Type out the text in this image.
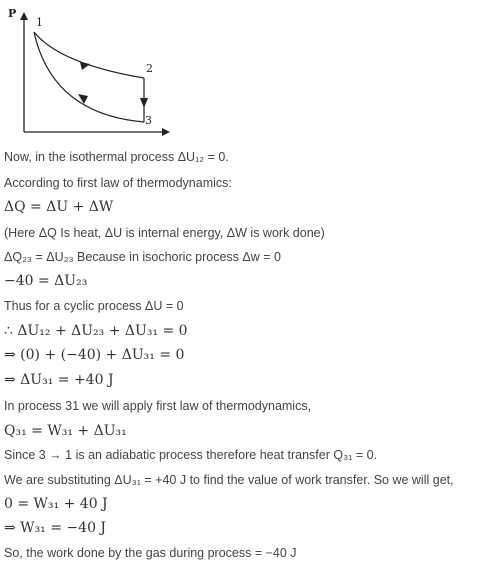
P
1
2
3
Now, in the isothermal process ΔU₁₂ = 0.
According to first law of thermodynamics:
ΔQ = ΔU + ΔW
(Here ΔQ Is heat, ΔU is internal energy, ΔW is work done)
ΔQ₂₃ = ΔU₂₃ Because in isochoric process Δw = 0
−40 = ΔU₂₃
Thus for a cyclic process ΔU = 0
∴ ΔU₁₂ + ΔU₂₃ + ΔU₃₁ = 0
⇒ (0) + (−40) + ΔU₃₁ = 0
⇒ ΔU₃₁ = +40 J
In process 31 we will apply first law of thermodynamics,
Q₃₁ = W₃₁ + ΔU₃₁
Since 3 → 1 is an adiabatic process therefore heat transfer Q₃₁ = 0.
We are substituting ΔU₃₁ = +40 J to find the value of work transfer. So we will get,
0 = W₃₁ + 40 J
⇒ W₃₁ = −40 J
So, the work done by the gas during process = −40 J
